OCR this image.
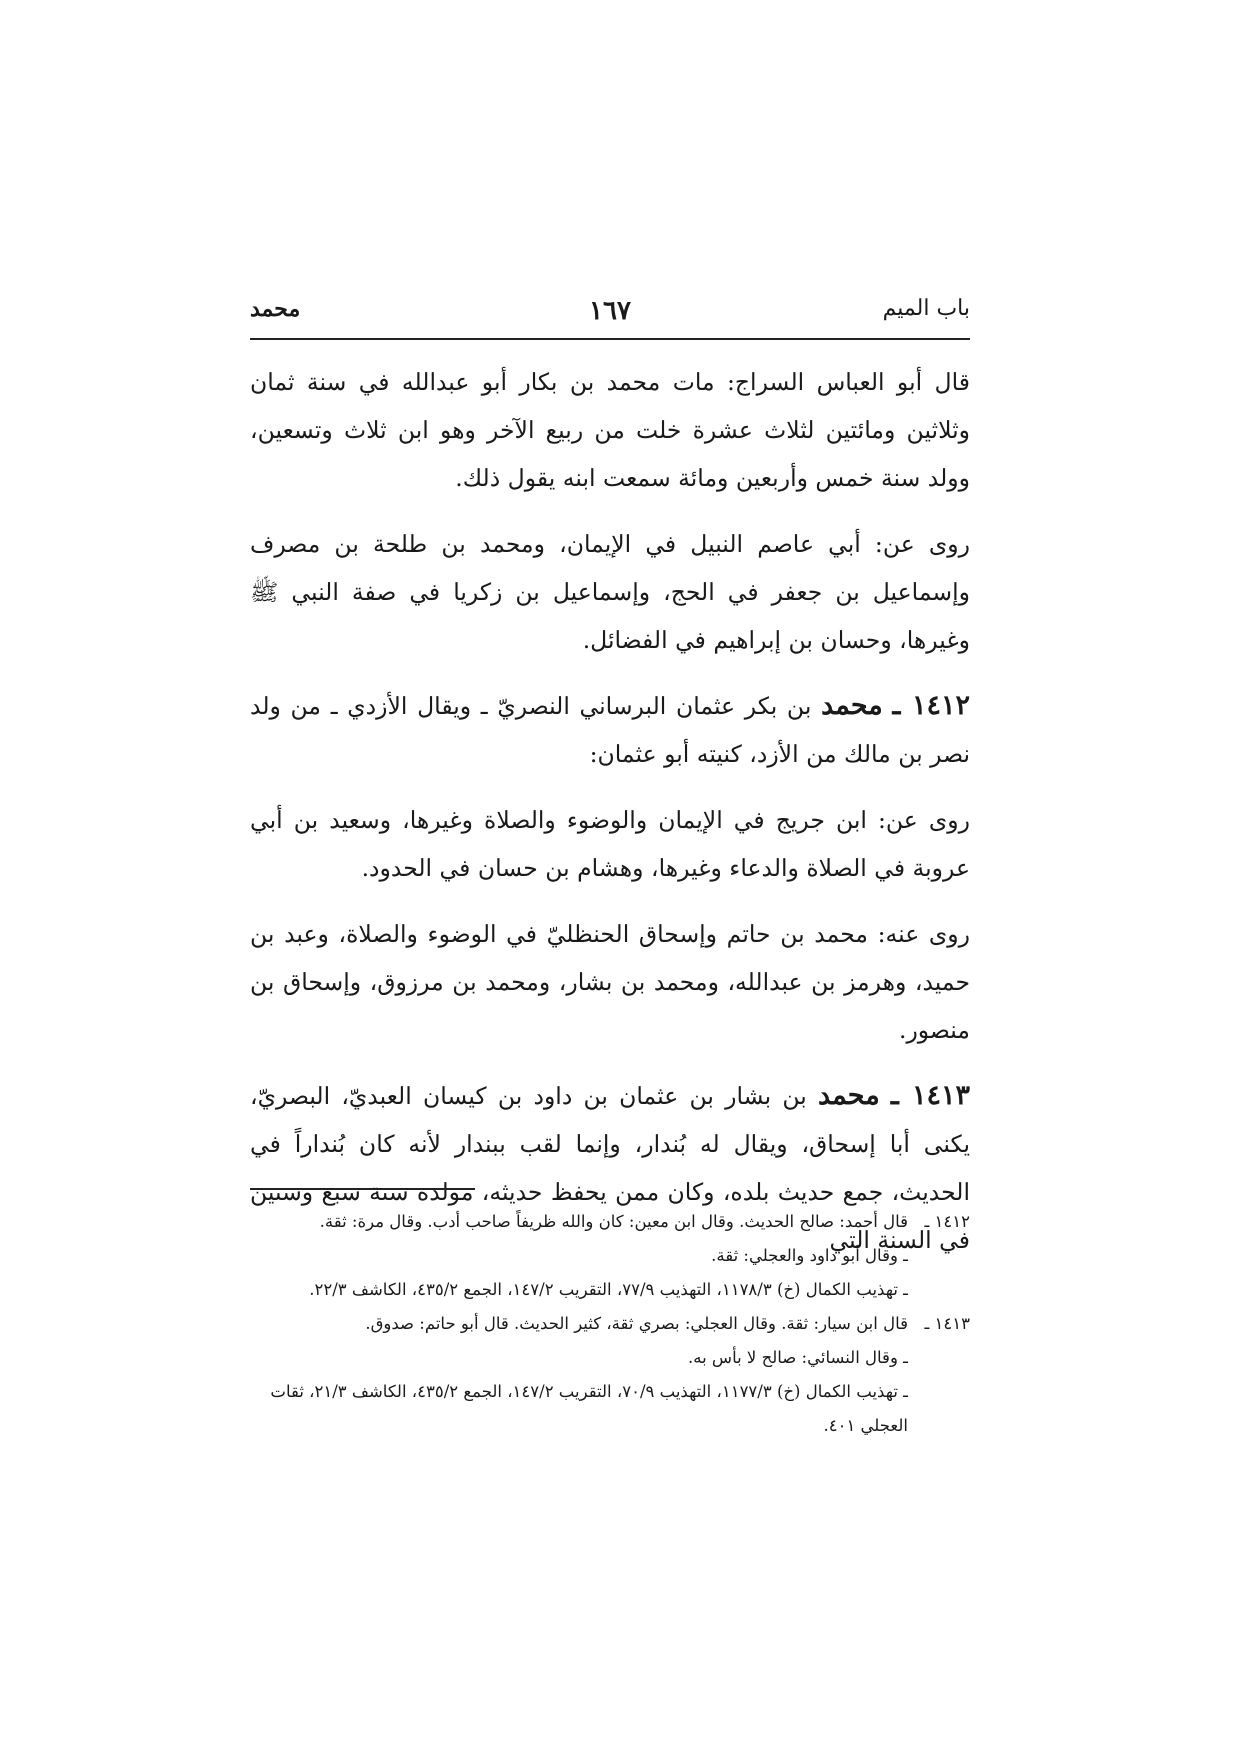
باب الميم
١٦٧
محمد

قال أبو العباس السراج: مات محمد بن بكار أبو عبدالله في سنة ثمان وثلاثين ومائتين لثلاث عشرة خلت من ربيع الآخر وهو ابن ثلاث وتسعين، وولد سنة خمس وأربعين ومائة سمعت ابنه يقول ذلك.

روى عن: أبي عاصم النبيل في الإيمان، ومحمد بن طلحة بن مصرف وإسماعيل بن جعفر في الحج، وإسماعيل بن زكريا في صفة النبي ﷺ وغيرها، وحسان بن إبراهيم في الفضائل.

١٤١٢ ـ محمد بن بكر عثمان البرساني النصريّ ـ ويقال الأزدي ـ من ولد نصر بن مالك من الأزد، كنيته أبو عثمان:

روى عن: ابن جريج في الإيمان والوضوء والصلاة وغيرها، وسعيد بن أبي عروبة في الصلاة والدعاء وغيرها، وهشام بن حسان في الحدود.

روى عنه: محمد بن حاتم وإسحاق الحنظليّ في الوضوء والصلاة، وعبد بن حميد، وهرمز بن عبدالله، ومحمد بن بشار، ومحمد بن مرزوق، وإسحاق بن منصور.

١٤١٣ ـ محمد بن بشار بن عثمان بن داود بن كيسان العبديّ، البصريّ، يكنى أبا إسحاق، ويقال له بُندار، وإنما لقب ببندار لأنه كان بُنداراً في الحديث، جمع حديث بلده، وكان ممن يحفظ حديثه، مولده سنة سبع وستين في السنة التي

١٤١٢ ـ
قال أحمد: صالح الحديث. وقال ابن معين: كان والله ظريفاً صاحب أدب. وقال مرة: ثقة.
ـ وقال أبو داود والعجلي: ثقة.
ـ تهذيب الكمال (خ) ١١٧٨/٣، التهذيب ٧٧/٩، التقريب ١٤٧/٢، الجمع ٤٣٥/٢، الكاشف ٢٢/٣.
١٤١٣ ـ
قال ابن سيار: ثقة. وقال العجلي: بصري ثقة، كثير الحديث. قال أبو حاتم: صدوق.
ـ وقال النسائي: صالح لا بأس به.
ـ تهذيب الكمال (خ) ١١٧٧/٣، التهذيب ٧٠/٩، التقريب ١٤٧/٢، الجمع ٤٣٥/٢، الكاشف ٢١/٣، ثقات العجلي ٤٠١.
